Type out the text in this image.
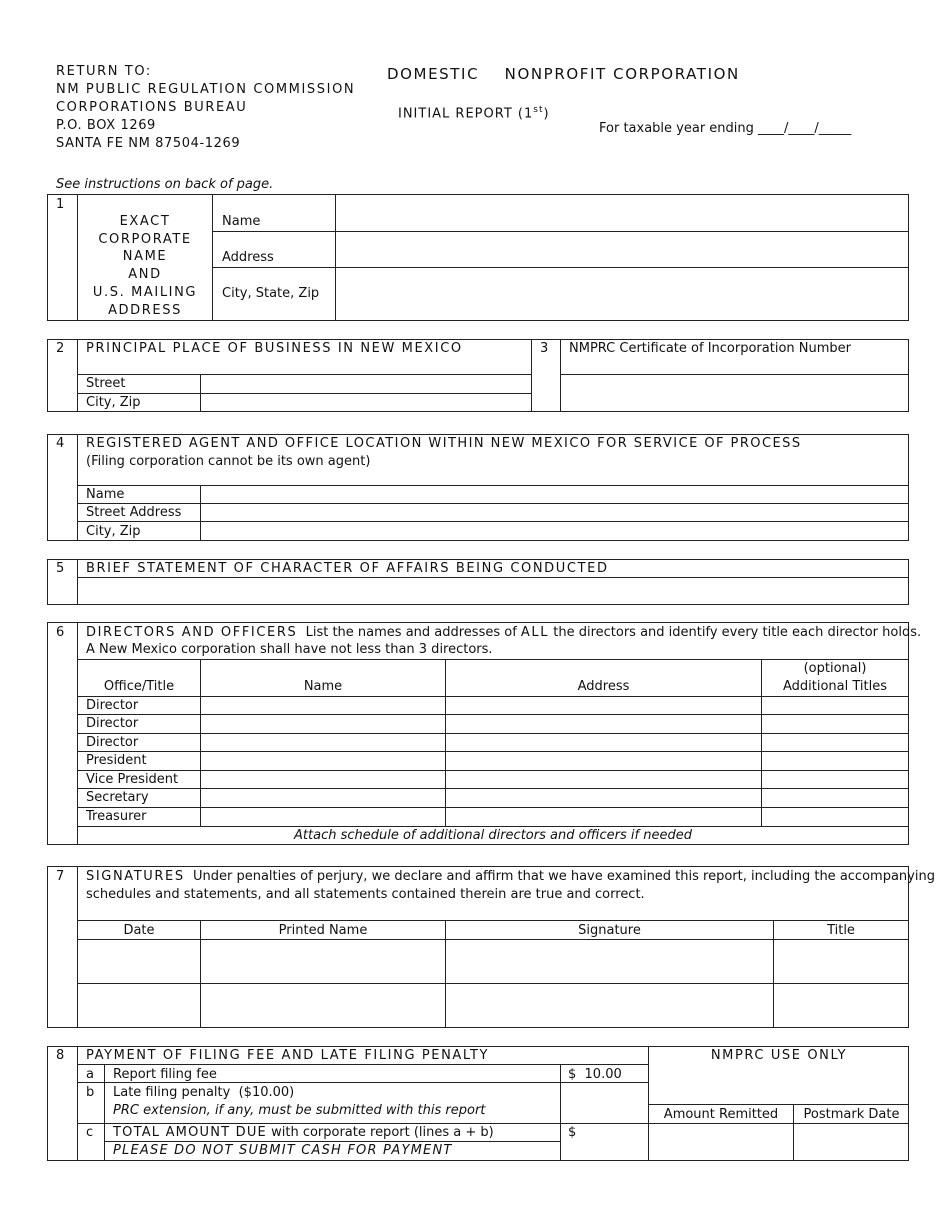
RETURN TO:
NM PUBLIC REGULATION COMMISSION
CORPORATIONS BUREAU
P.O. BOX 1269
SANTA FE NM 87504-1269
DOMESTIC    NONPROFIT CORPORATION
INITIAL REPORT (1st)
For taxable year ending ____/____/_____
See instructions on back of page.
1
EXACT
CORPORATE
NAME
AND
U.S. MAILING
ADDRESS
Name
Address
City, State, Zip
2 PRINCIPAL PLACE OF BUSINESS IN NEW MEXICO
Street
City, Zip
3 NMPRC Certificate of Incorporation Number
4 REGISTERED AGENT AND OFFICE LOCATION WITHIN NEW MEXICO FOR SERVICE OF PROCESS
(Filing corporation cannot be its own agent)
Name
Street Address
City, Zip
5 BRIEF STATEMENT OF CHARACTER OF AFFAIRS BEING CONDUCTED
6 DIRECTORS AND OFFICERS List the names and addresses of ALL the directors and identify every title each director holds.
A New Mexico corporation shall have not less than 3 directors.
Office/Title	Name	Address
(optional)
Additional Titles
Director
Director
Director
President
Vice President
Secretary
Treasurer
Attach schedule of additional directors and officers if needed
7 SIGNATURES Under penalties of perjury, we declare and affirm that we have examined this report, including the accompanying
schedules and statements, and all statements contained therein are true and correct.
Date	Printed Name	Signature	Title
8 PAYMENT OF FILING FEE AND LATE FILING PENALTY
a Report filing fee	$  10.00
b Late filing penalty  ($10.00)
PRC extension, if any, must be submitted with this report
c TOTAL AMOUNT DUE with corporate report (lines a + b)	$
PLEASE DO NOT SUBMIT CASH FOR PAYMENT
NMPRC USE ONLY
Amount Remitted	Postmark Date
